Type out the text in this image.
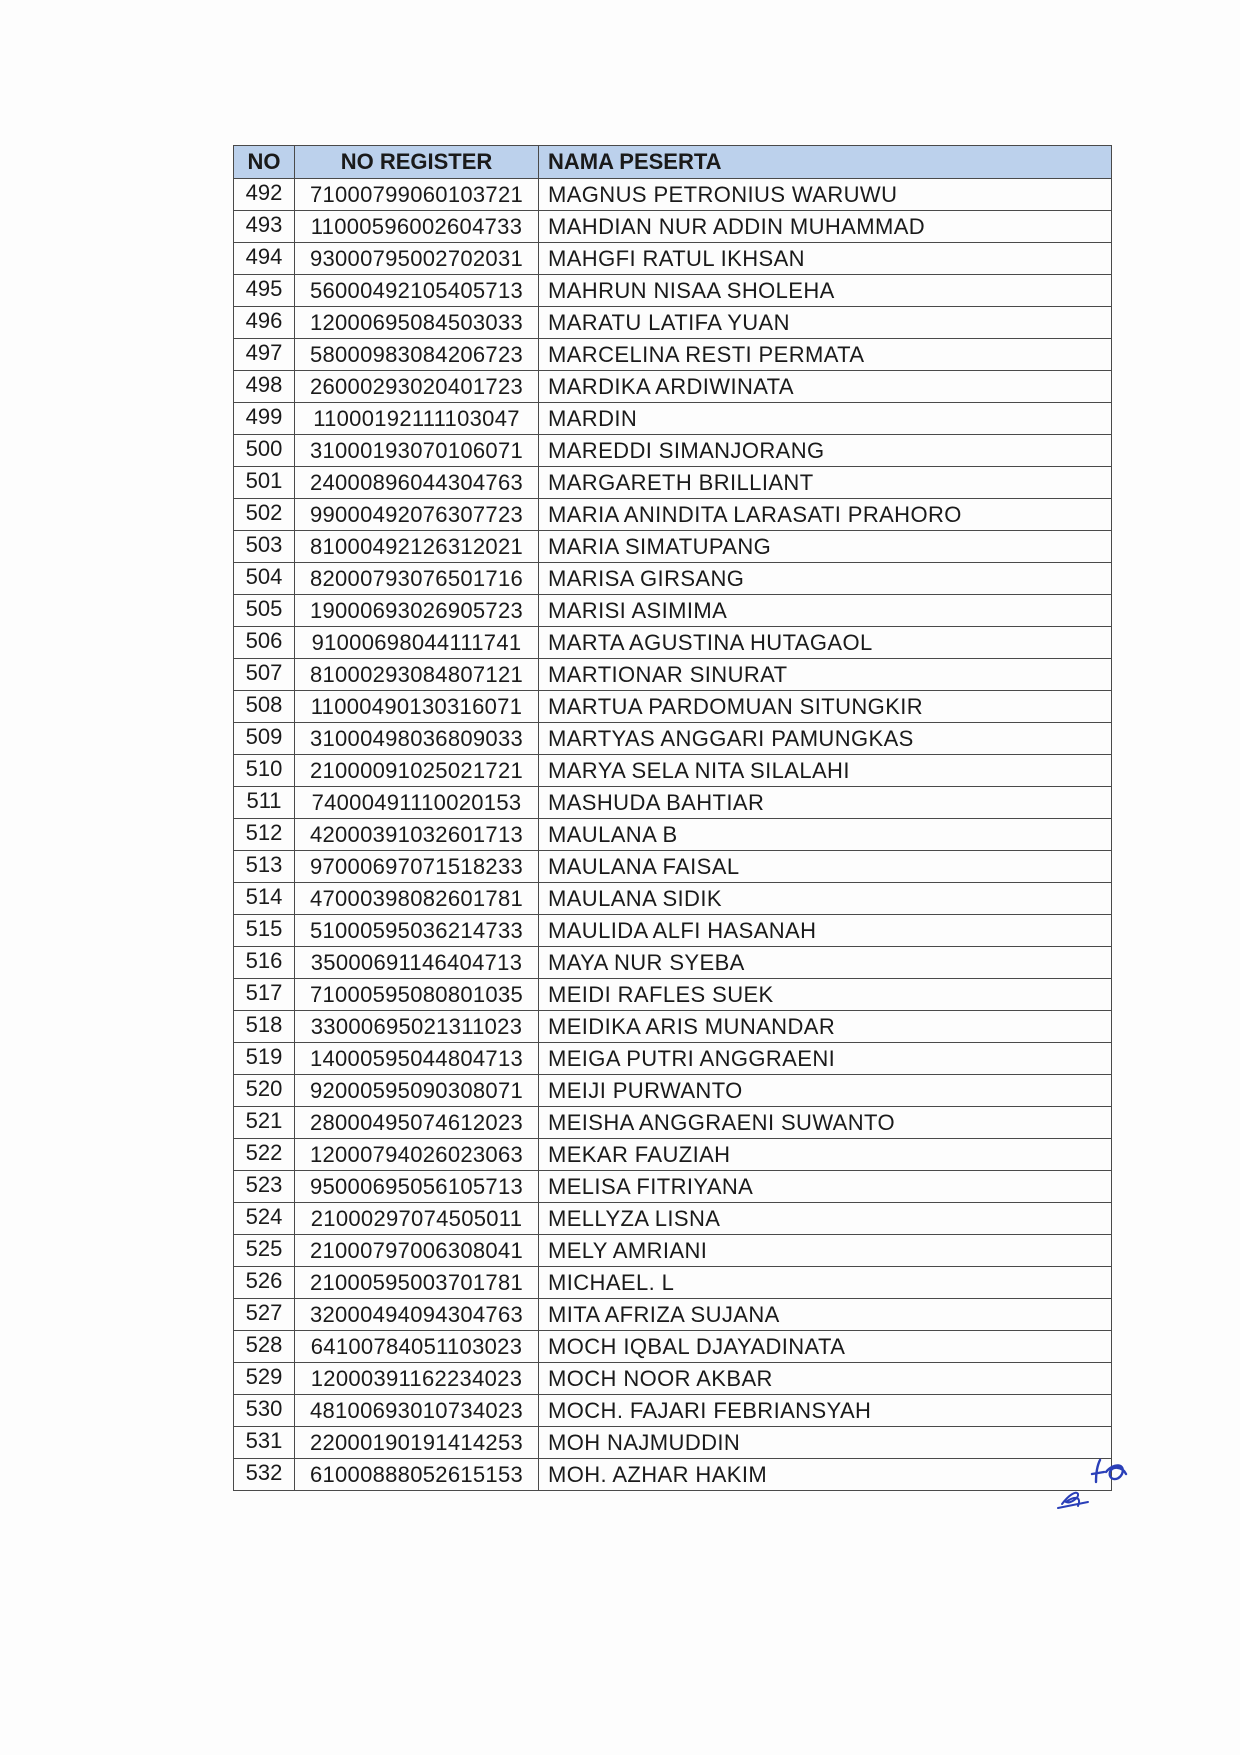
NO	NO REGISTER	NAMA PESERTA
492	71000799060103721	MAGNUS PETRONIUS WARUWU
493	11000596002604733	MAHDIAN NUR ADDIN MUHAMMAD
494	93000795002702031	MAHGFI RATUL IKHSAN
495	56000492105405713	MAHRUN NISAA SHOLEHA
496	12000695084503033	MARATU LATIFA YUAN
497	58000983084206723	MARCELINA RESTI PERMATA
498	26000293020401723	MARDIKA ARDIWINATA
499	11000192111103047	MARDIN
500	31000193070106071	MAREDDI SIMANJORANG
501	24000896044304763	MARGARETH BRILLIANT
502	99000492076307723	MARIA ANINDITA LARASATI PRAHORO
503	81000492126312021	MARIA SIMATUPANG
504	82000793076501716	MARISA GIRSANG
505	19000693026905723	MARISI ASIMIMA
506	91000698044111741	MARTA AGUSTINA HUTAGAOL
507	81000293084807121	MARTIONAR SINURAT
508	11000490130316071	MARTUA PARDOMUAN SITUNGKIR
509	31000498036809033	MARTYAS ANGGARI PAMUNGKAS
510	21000091025021721	MARYA SELA NITA SILALAHI
511	74000491110020153	MASHUDA BAHTIAR
512	42000391032601713	MAULANA B
513	97000697071518233	MAULANA FAISAL
514	47000398082601781	MAULANA SIDIK
515	51000595036214733	MAULIDA ALFI HASANAH
516	35000691146404713	MAYA NUR SYEBA
517	71000595080801035	MEIDI RAFLES SUEK
518	33000695021311023	MEIDIKA ARIS MUNANDAR
519	14000595044804713	MEIGA PUTRI ANGGRAENI
520	92000595090308071	MEIJI PURWANTO
521	28000495074612023	MEISHA ANGGRAENI SUWANTO
522	12000794026023063	MEKAR FAUZIAH
523	95000695056105713	MELISA FITRIYANA
524	21000297074505011	MELLYZA LISNA
525	21000797006308041	MELY AMRIANI
526	21000595003701781	MICHAEL. L
527	32000494094304763	MITA AFRIZA SUJANA
528	64100784051103023	MOCH IQBAL DJAYADINATA
529	12000391162234023	MOCH NOOR AKBAR
530	48100693010734023	MOCH. FAJARI FEBRIANSYAH
531	22000190191414253	MOH NAJMUDDIN
532	61000888052615153	MOH. AZHAR HAKIM
